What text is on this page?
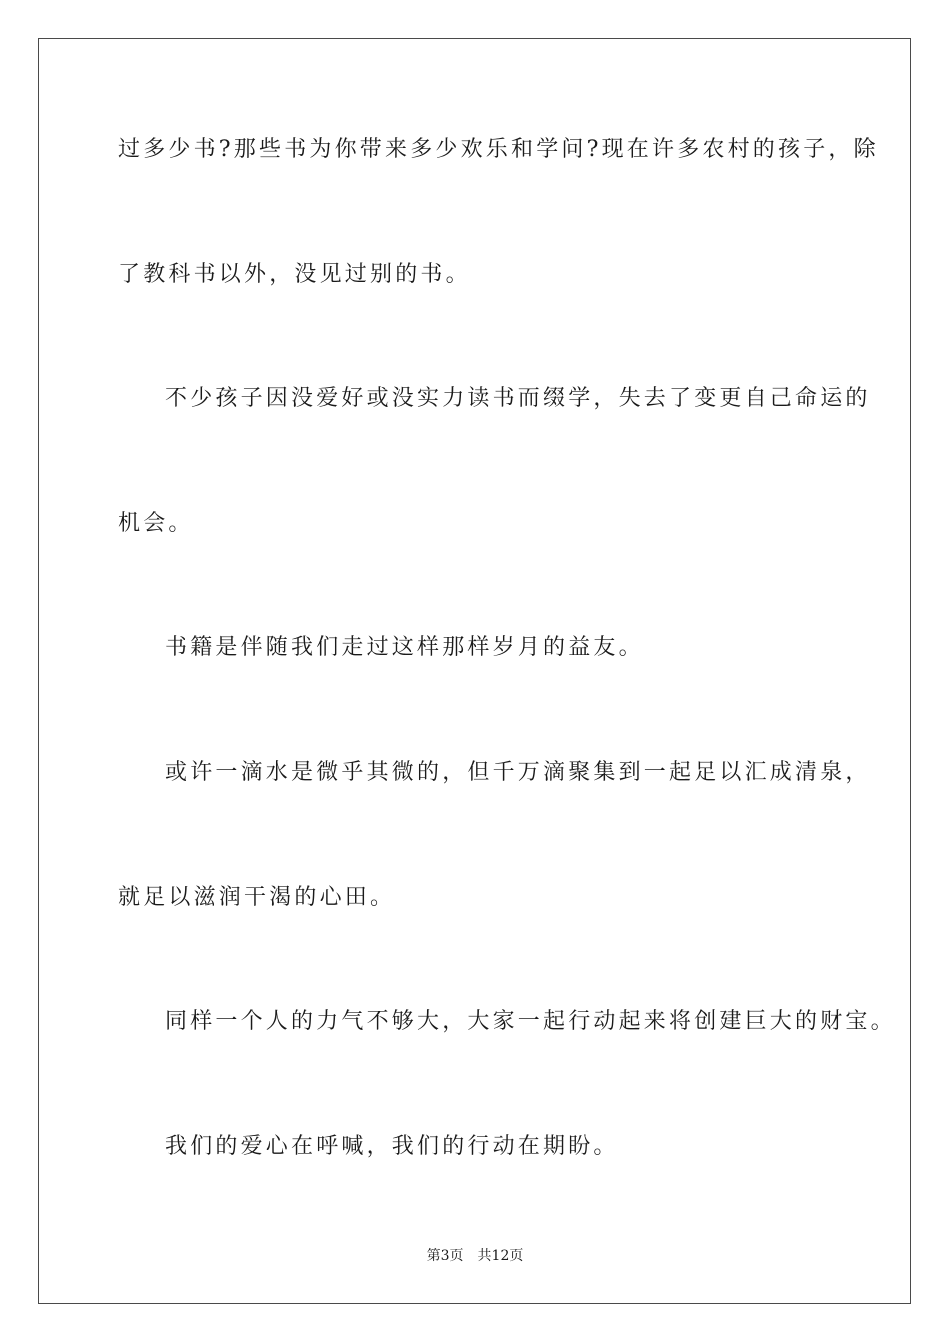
过多少书?那些书为你带来多少欢乐和学问?现在许多农村的孩子，除

了教科书以外，没见过别的书。

不少孩子因没爱好或没实力读书而缀学，失去了变更自己命运的

机会。

书籍是伴随我们走过这样那样岁月的益友。

或许一滴水是微乎其微的，但千万滴聚集到一起足以汇成清泉，

就足以滋润干渴的心田。

同样一个人的力气不够大，大家一起行动起来将创建巨大的财宝。

我们的爱心在呼喊，我们的行动在期盼。

第3页 共12页
